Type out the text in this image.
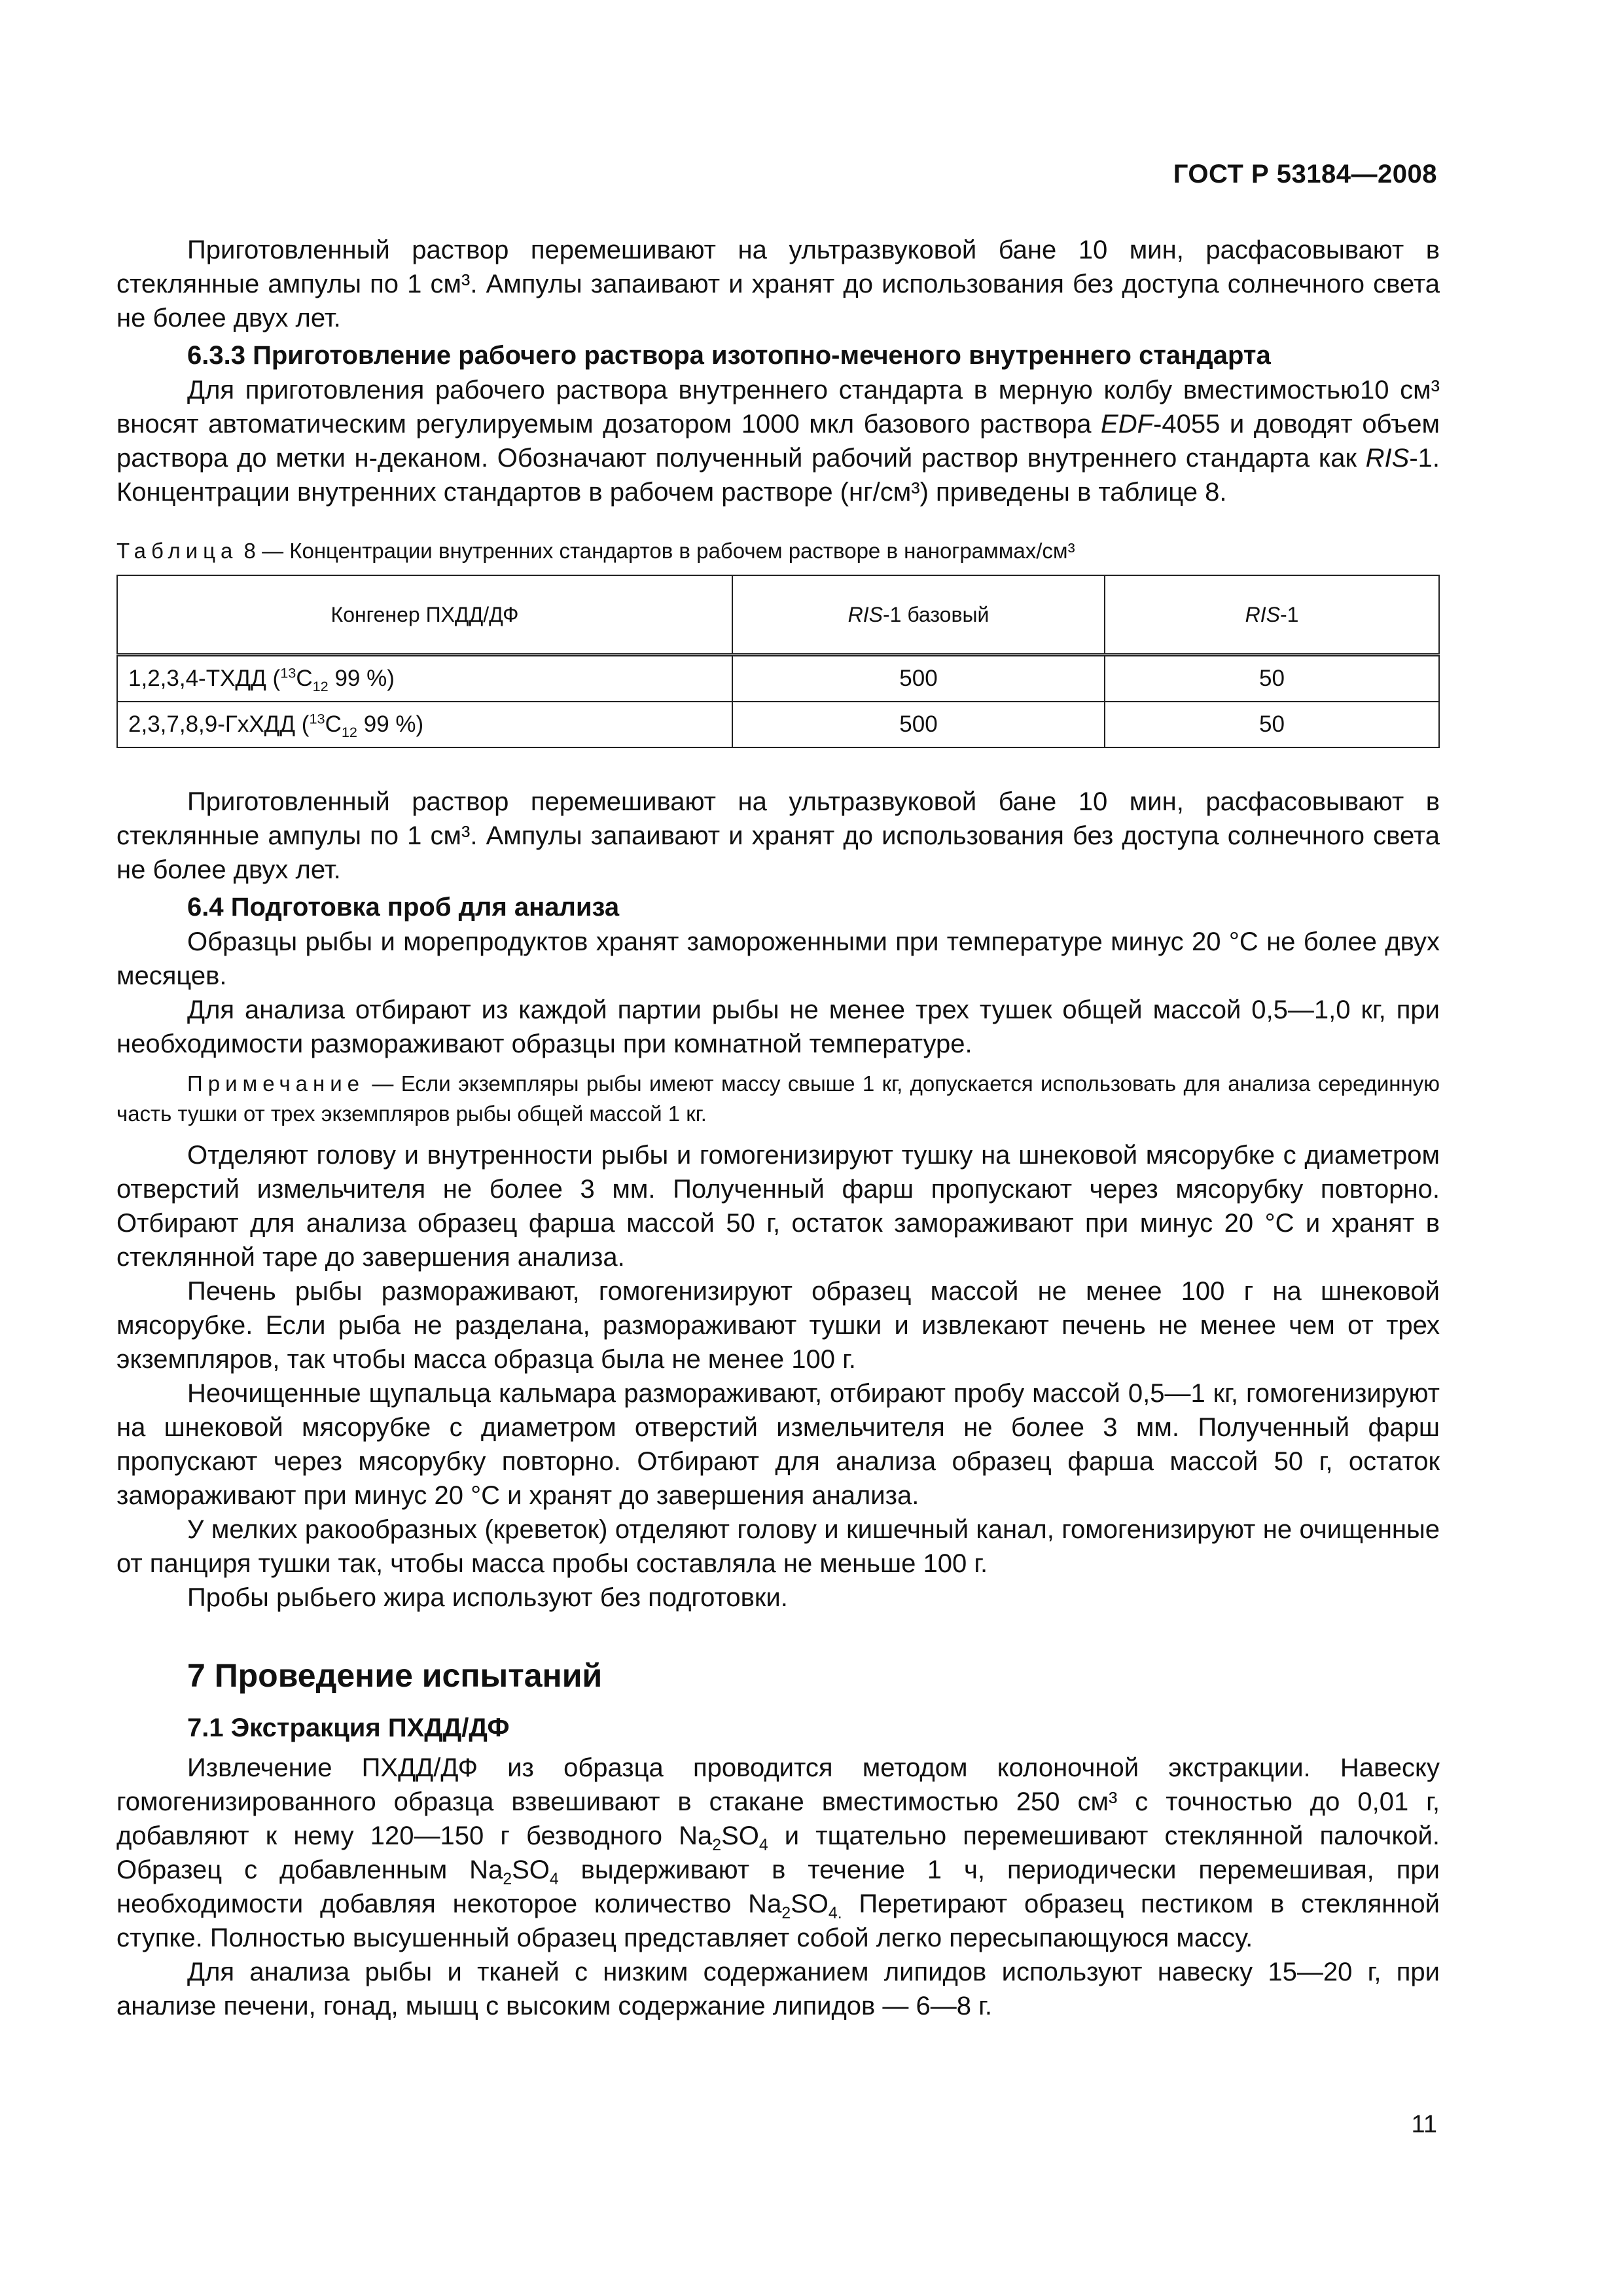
ГОСТ Р 53184—2008

Приготовленный раствор перемешивают на ультразвуковой бане 10 мин, расфасовывают в стеклянные ампулы по 1 см³. Ампулы запаивают и хранят до использования без доступа солнечного света не более двух лет.

6.3.3 Приготовление рабочего раствора изотопно-меченого внутреннего стандарта

Для приготовления рабочего раствора внутреннего стандарта в мерную колбу вместимостью10 см³ вносят автоматическим регулируемым дозатором 1000 мкл базового раствора EDF-4055 и доводят объем раствора до метки н-деканом. Обозначают полученный рабочий раствор внутреннего стандарта как RIS-1. Концентрации внутренних стандартов в рабочем растворе (нг/см³) приведены в таблице 8.

Таблица 8 — Концентрации внутренних стандартов в рабочем растворе в нанограммах/см³
Конгенер ПХДД/ДФ	RIS-1 базовый	RIS-1
1,2,3,4-ТХДД ($^{13}C_{12}$ 99 %)	500	50
2,3,7,8,9-ГхХДД ($^{13}C_{12}$ 99 %)	500	50

Приготовленный раствор перемешивают на ультразвуковой бане 10 мин, расфасовывают в стеклянные ампулы по 1 см³. Ампулы запаивают и хранят до использования без доступа солнечного света не более двух лет.

6.4 Подготовка проб для анализа

Образцы рыбы и морепродуктов хранят замороженными при температуре минус 20 °С не более двух месяцев.

Для анализа отбирают из каждой партии рыбы не менее трех тушек общей массой 0,5—1,0 кг, при необходимости размораживают образцы при комнатной температуре.

Примечание — Если экземпляры рыбы имеют массу свыше 1 кг, допускается использовать для анализа серединную часть тушки от трех экземпляров рыбы общей массой 1 кг.

Отделяют голову и внутренности рыбы и гомогенизируют тушку на шнековой мясорубке с диаметром отверстий измельчителя не более 3 мм. Полученный фарш пропускают через мясорубку повторно. Отбирают для анализа образец фарша массой 50 г, остаток замораживают при минус 20 °С и хранят в стеклянной таре до завершения анализа.

Печень рыбы размораживают, гомогенизируют образец массой не менее 100 г на шнековой мясорубке. Если рыба не разделана, размораживают тушки и извлекают печень не менее чем от трех экземпляров, так чтобы масса образца была не менее 100 г.

Неочищенные щупальца кальмара размораживают, отбирают пробу массой 0,5—1 кг, гомогенизируют на шнековой мясорубке с диаметром отверстий измельчителя не более 3 мм. Полученный фарш пропускают через мясорубку повторно. Отбирают для анализа образец фарша массой 50 г, остаток замораживают при минус 20 °С и хранят до завершения анализа.

У мелких ракообразных (креветок) отделяют голову и кишечный канал, гомогенизируют не очищенные от панциря тушки так, чтобы масса пробы составляла не меньше 100 г.

Пробы рыбьего жира используют без подготовки.

7 Проведение испытаний
7.1 Экстракция ПХДД/ДФ

Извлечение ПХДД/ДФ из образца проводится методом колоночной экстракции. Навеску гомогенизированного образца взвешивают в стакане вместимостью 250 см³ с точностью до 0,01 г, добавляют к нему 120—150 г безводного $Na_2SO_4$ и тщательно перемешивают стеклянной палочкой. Образец с добавленным $Na_2SO_4$ выдерживают в течение 1 ч, периодически перемешивая, при необходимости добавляя некоторое количество $Na_2SO_{4.}$ Перетирают образец пестиком в стеклянной ступке. Полностью высушенный образец представляет собой легко пересыпающуюся массу.

Для анализа рыбы и тканей с низким содержанием липидов используют навеску 15—20 г, при анализе печени, гонад, мышц с высоким содержание липидов — 6—8 г.

11
